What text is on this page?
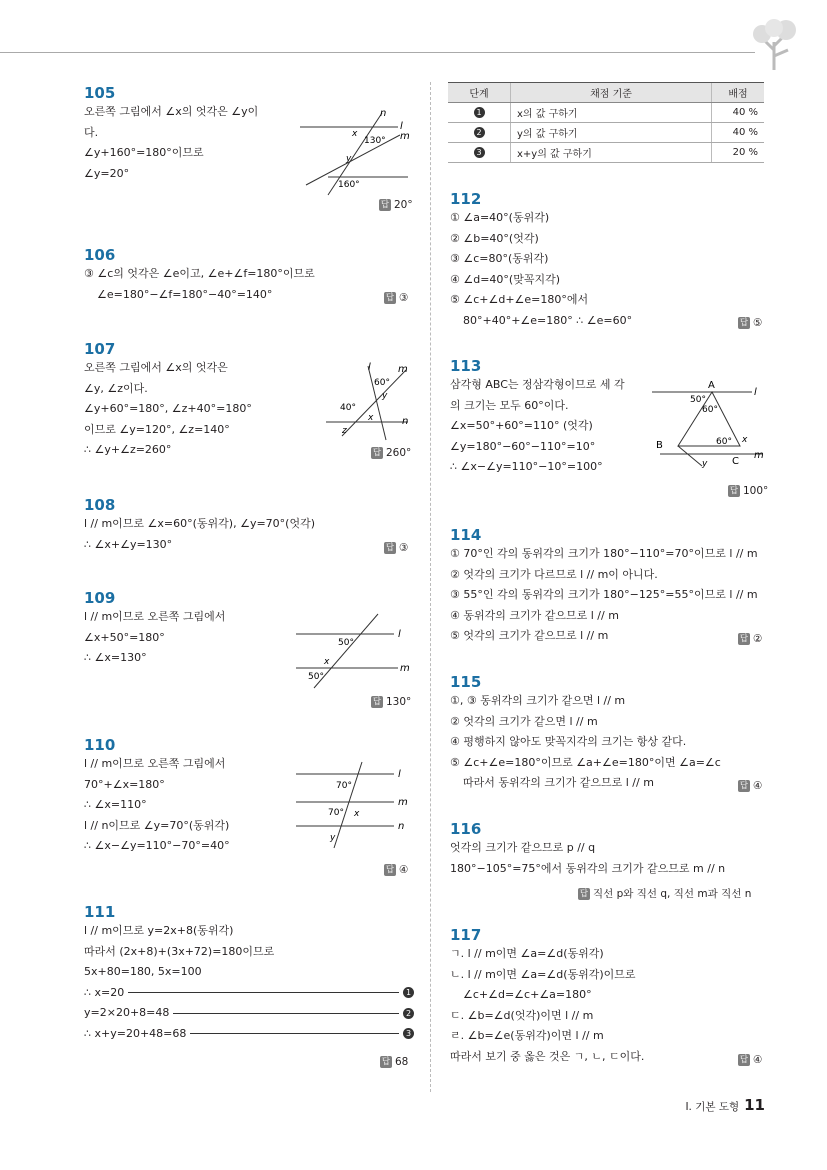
105
오른쪽 그림에서 ∠x의 엇각은 ∠y이
다.
∠y+160°=180°이므로
∠y=20°
n
l
m
x
130°
y
160°
답 20°
106
③ ∠c의 엇각은 ∠e이고, ∠e+∠f=180°이므로
∠e=180°−∠f=180°−40°=140°	답 ③
107
오른쪽 그림에서 ∠x의 엇각은
∠y, ∠z이다.
∠y+60°=180°, ∠z+40°=180°
이므로 ∠y=120°, ∠z=140°
∴ ∠y+∠z=260°
l	m
n
60°
y
40°
x
z
답 260°
108
l // m이므로 ∠x=60°(동위각), ∠y=70°(엇각)
∴ ∠x+∠y=130°	답 ③
109
l // m이므로 오른쪽 그림에서
∠x+50°=180°
∴ ∠x=130°
l
m
50°
x
50°
답 130°
110
l // m이므로 오른쪽 그림에서
70°+∠x=180°
∴ ∠x=110°
l // n이므로 ∠y=70°(동위각)
∴ ∠x−∠y=110°−70°=40°
l
m
n
70°
70° x
y
답 ④
111
l // m이므로 y=2x+8(동위각)
따라서 (2x+8)+(3x+72)=180이므로
5x+80=180, 5x=100
∴ x=20	1
y=2×20+8=48	2
∴ x+y=20+48=68	3
답 68
단계	채점 기준	배점
1	x의 값 구하기	40 %
2	y의 값 구하기	40 %
3	x+y의 값 구하기	20 %
112
① ∠a=40°(동위각)
② ∠b=40°(엇각)
③ ∠c=80°(동위각)
④ ∠d=40°(맞꼭지각)
⑤ ∠c+∠d+∠e=180°에서
80°+40°+∠e=180° ∴ ∠e=60°	답 ⑤
113
삼각형 ABC는 정삼각형이므로 세 각
의 크기는 모두 60°이다.
∠x=50°+60°=110° (엇각)
∠y=180°−60°−110°=10°
∴ ∠x−∠y=110°−10°=100°
A
B
C
l
m
50°
60°
60° x
y
답 100°
114
① 70°인 각의 동위각의 크기가 180°−110°=70°이므로 l // m
② 엇각의 크기가 다르므로 l // m이 아니다.
③ 55°인 각의 동위각의 크기가 180°−125°=55°이므로 l // m
④ 동위각의 크기가 같으므로 l // m
⑤ 엇각의 크기가 같으므로 l // m	답 ②
115
①, ③ 동위각의 크기가 같으면 l // m
② 엇각의 크기가 같으면 l // m
④ 평행하지 않아도 맞꼭지각의 크기는 항상 같다.
⑤ ∠c+∠e=180°이므로 ∠a+∠e=180°이면 ∠a=∠c
따라서 동위각의 크기가 같으므로 l // m	답 ④
116
엇각의 크기가 같으므로 p // q
180°−105°=75°에서 동위각의 크기가 같으므로 m // n
답 직선 p와 직선 q, 직선 m과 직선 n
117
ㄱ. l // m이면 ∠a=∠d(동위각)
ㄴ. l // m이면 ∠a=∠d(동위각)이므로
∠c+∠d=∠c+∠a=180°
ㄷ. ∠b=∠d(엇각)이면 l // m
ㄹ. ∠b=∠e(동위각)이면 l // m
따라서 보기 중 옳은 것은 ㄱ, ㄴ, ㄷ이다.	답 ④
I. 기본 도형 11
